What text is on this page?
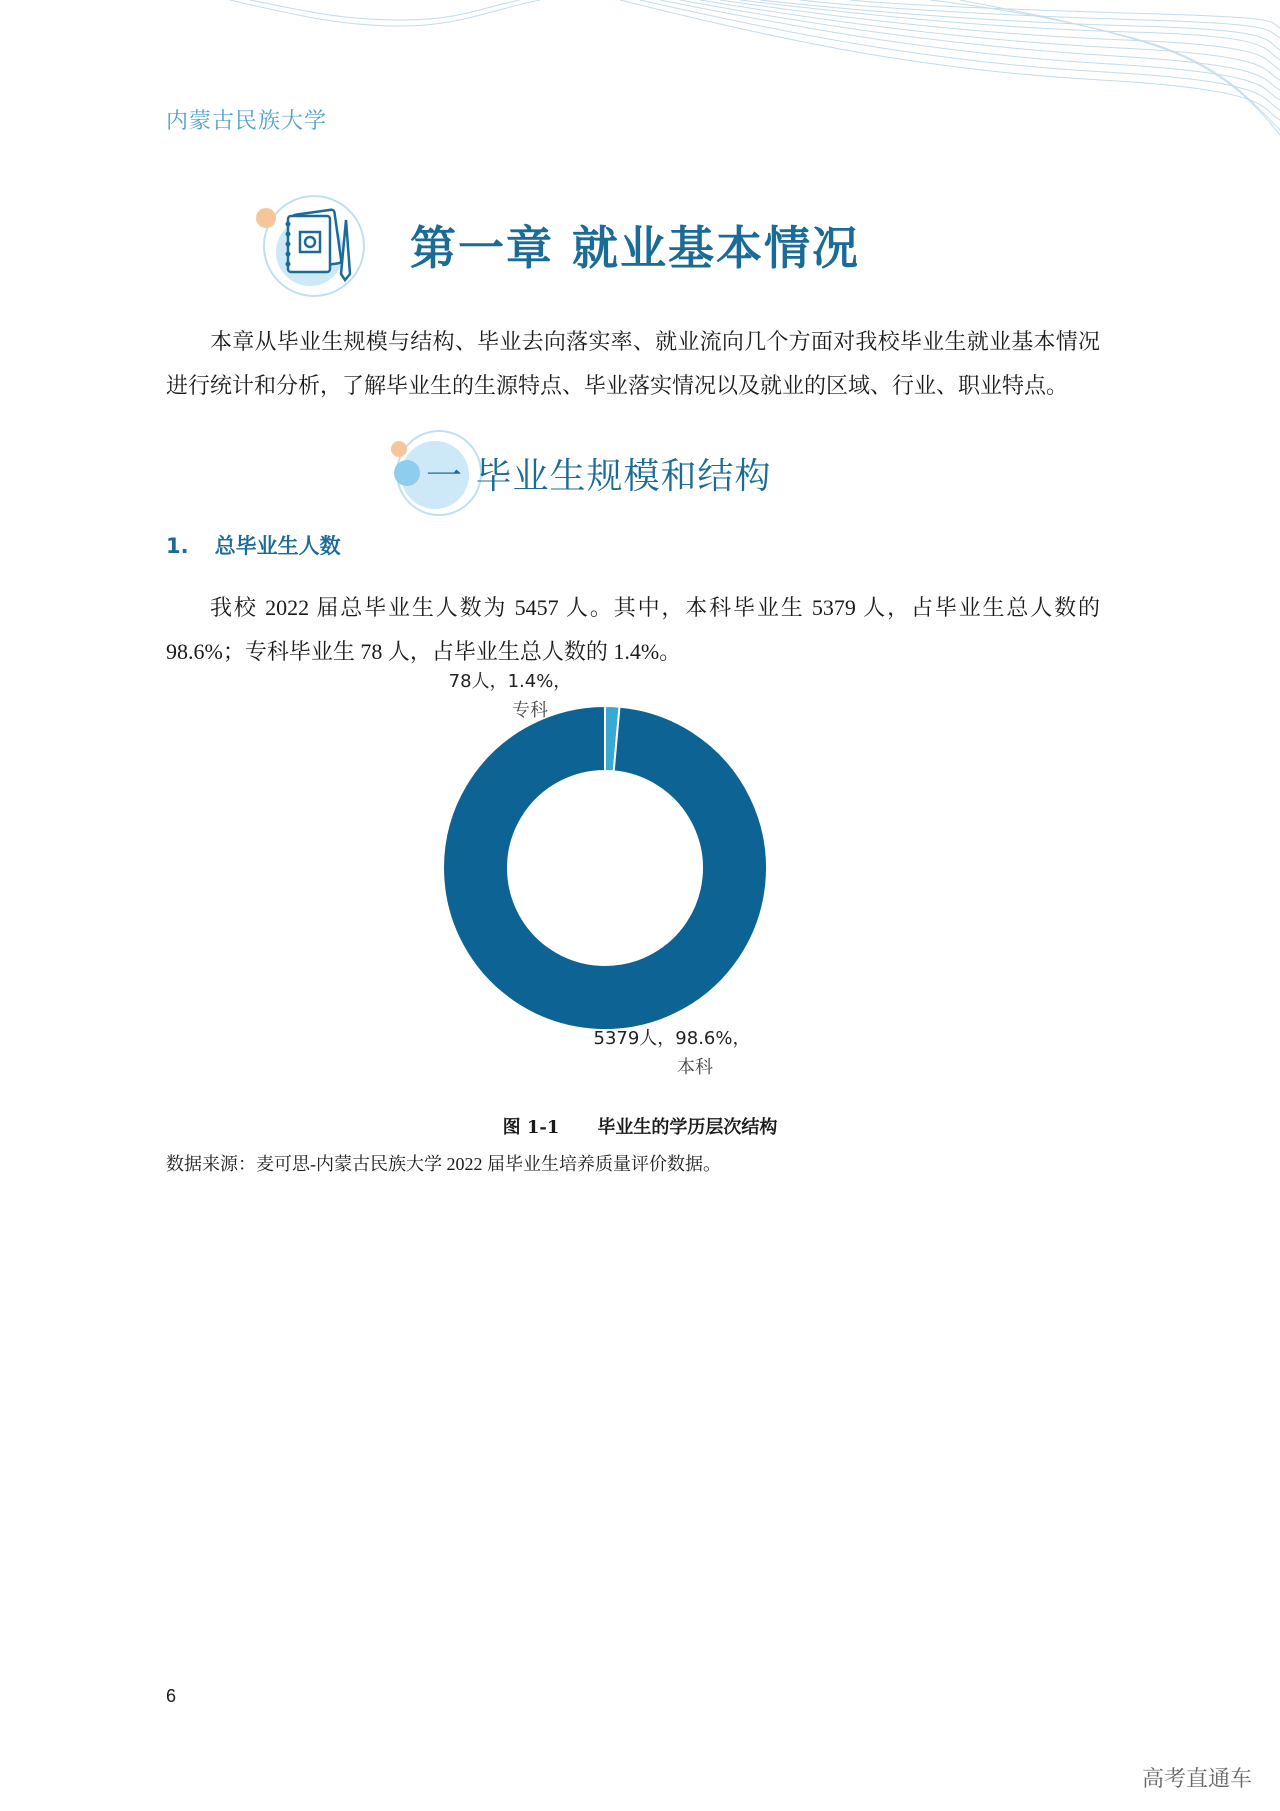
内蒙古民族大学
第一章 就业基本情况

本章从毕业生规模与结构、毕业去向落实率、就业流向几个方面对我校毕业生就业基本情况进行统计和分析，了解毕业生的生源特点、毕业落实情况以及就业的区域、行业、职业特点。

一 毕业生规模和结构
1. 总毕业生人数

我校 2022 届总毕业生人数为 5457 人。其中，本科毕业生 5379 人，占毕业生总人数的 98.6%；专科毕业生 78 人，占毕业生总人数的 1.4%。

78人，1.4%，
专科
5379人，98.6%，
本科
图 1-1 毕业生的学历层次结构
数据来源：麦可思-内蒙古民族大学 2022 届毕业生培养质量评价数据。
6
高考直通车
